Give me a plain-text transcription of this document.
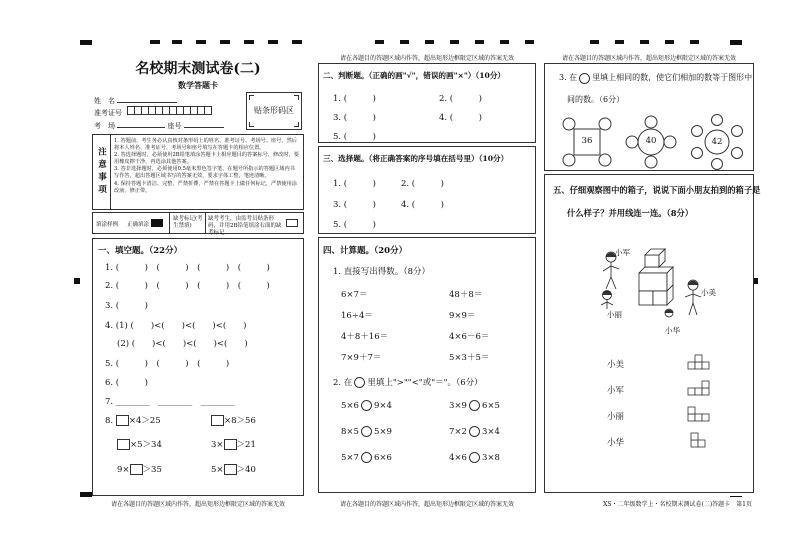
名校期末测试卷(二)
数学答题卡
姓　名
准考证号
考　场	座号
贴条形码区
注意事项
1. 答题前，考生务必认真核对条形码上的姓名、准考证号、考场号、座号，然后将本人姓名、准考证号、考场号和座号填写在答题卡的相应位置。
2. 答选择题时，必须使用2B铅笔填涂答题卡上相应题目的答案标号，修改时，要用橡皮擦干净，再选涂其他答案。
3. 答非选择题时，必须使用0.5毫米黑色签字笔，在题号所指示的答题区域内书写作答，超出答题区域书写的答案无效，要求字体工整，笔迹清晰。
4. 保持答题卡清洁、完整，严禁折叠，严禁在答题卡上做任何标记，严禁使用涂改液、修正带。
填涂样例 正确填涂
缺考标记(考生禁填)
缺考考生，由监考员贴条形码，并用2B铅笔填涂右面的缺考标记
一、填空题。（22分）
1. (　　　)　(　　　)　(　　　)　(　　　)
2. (　　　)　(　　　)　(　　　)　(　　　)
3. (　　　)
4. (1) (　　)<(　　)<(　　)<(　　)
(2) (　　)<(　　)<(　　)<(　　)
5. (　　　)　(　　　)　(　　　)
6. (　　　)
7. ________　________　________
8. ×4＞25	×8＞56
×5＞34	3× ＞21
9× ＞35	5× ＞40
请在各题目的答题区域内作答，超出矩形边框限定区域的答案无效
请在各题目的答题区域内作答，超出矩形边框限定区域的答案无效
二、判断题。（正确的画"√"，错误的画"×"）（10分）
1. (　　　)	2. (　　　)
3. (　　　)	4. (　　　)
5. (　　　)
三、选择题。（将正确答案的序号填在括号里）（10分）
1. (　　　)	2. (　　　)
3. (　　　)	4. (　　　)
5. (　　　)
四、计算题。（20分）
1. 直接写出得数。（8分）
6×7＝	48＋8＝
16÷4＝	9×9＝
4＋8＋16＝	4×6－6＝
7×9＋7＝	5×3＋5＝
2. 在 里填上">""<"或"＝"。（6分）
5×6 9×4	3×9 6×5
8×5 5×9	7×2 3×4
5×7 6×6	4×6 3×8
请在各题目的答题区域内作答，超出矩形边框限定区域的答案无效
请在各题目的答题区域内作答，超出矩形边框限定区域的答案无效
3. 在 里填上相同的数，使它们相加的数等于图形中
间的数。（6分）
36	40	42
五、仔细观察图中的箱子，说说下面小朋友拍到的箱子是
什么样子？并用线连一连。（8分）
小军
小美
小丽
小华
小美
小军
小丽
小华
XS・二年级数学上・名校期末测试卷(二)答题卡　第1页
